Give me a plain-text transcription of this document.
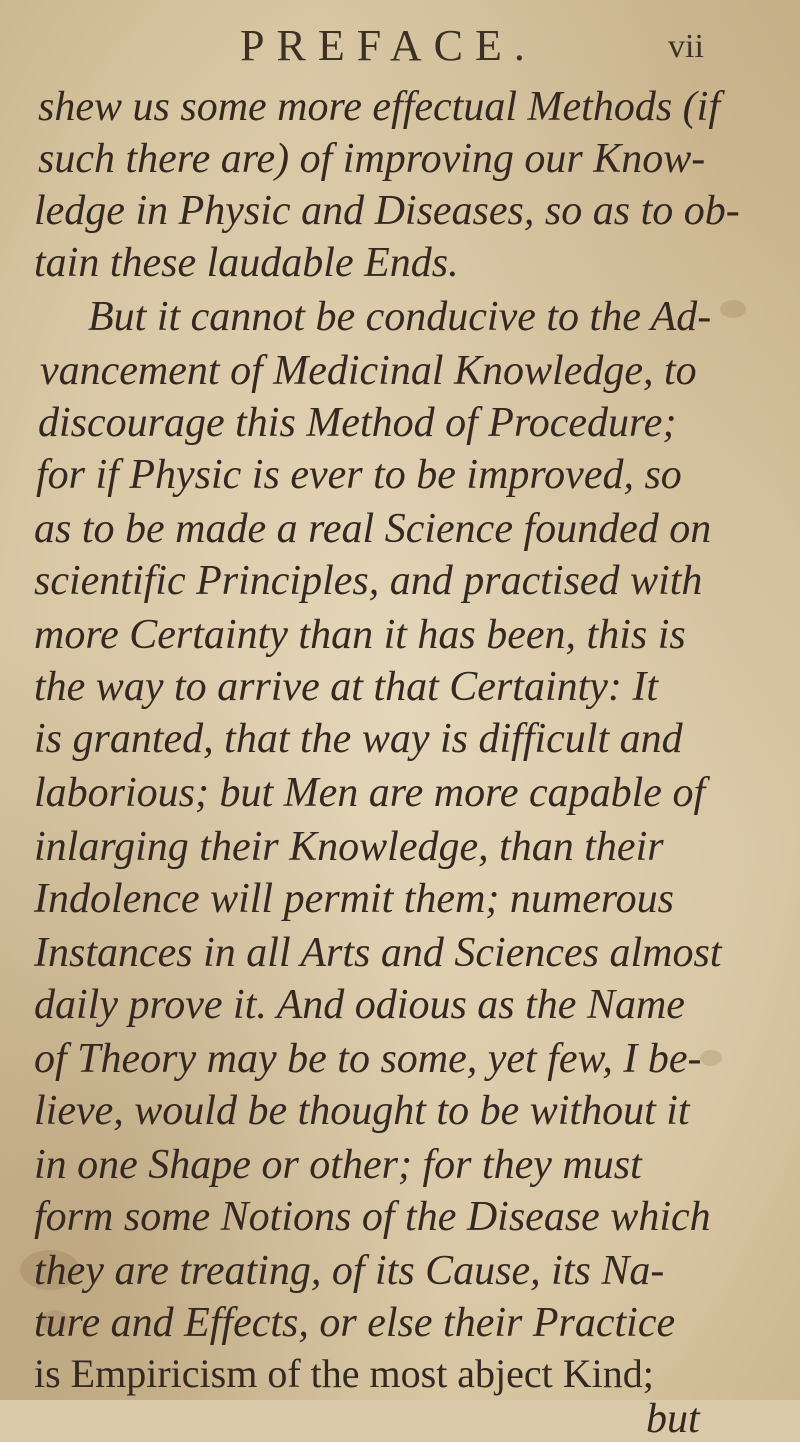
PREFACE.	vii
shew us some more effectual Methods (if
such there are) of improving our Know-
ledge in Physic and Diseases, so as to ob-
tain these laudable Ends.
But it cannot be conducive to the Ad-
vancement of Medicinal Knowledge, to
discourage this Method of Procedure;
for if Physic is ever to be improved, so
as to be made a real Science founded on
scientific Principles, and practised with
more Certainty than it has been, this is
the way to arrive at that Certainty: It
is granted, that the way is difficult and
laborious; but Men are more capable of
inlarging their Knowledge, than their
Indolence will permit them; numerous
Instances in all Arts and Sciences almost
daily prove it. And odious as the Name
of Theory may be to some, yet few, I be-
lieve, would be thought to be without it
in one Shape or other; for they must
form some Notions of the Disease which
they are treating, of its Cause, its Na-
ture and Effects, or else their Practice
is Empiricism of the most abject Kind;
but
